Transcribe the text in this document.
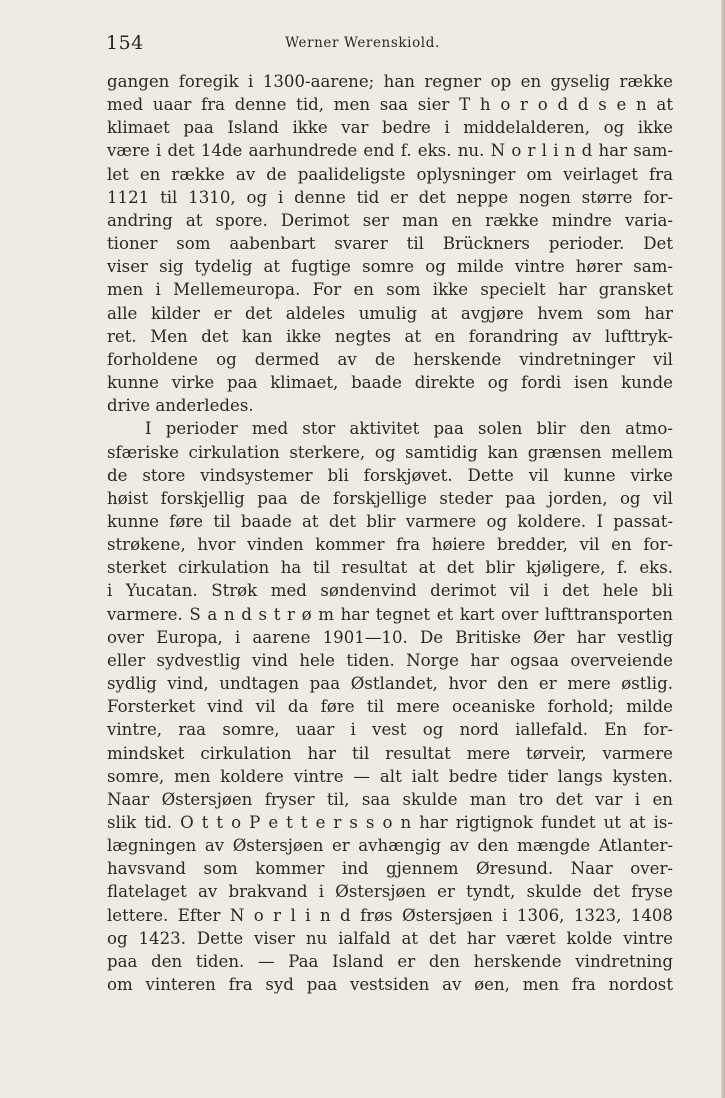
154	Werner Werenskiold.
gangen foregik i 1300-aarene; han regner op en gyselig række
med uaar fra denne tid, men saa sier T h o r o d d s e n at
klimaet paa Island ikke var bedre i middelalderen, og ikke
være i det 14de aarhundrede end f. eks. nu. N o r l i n d har sam-
let en række av de paalideligste oplysninger om veirlaget fra
1121 til 1310, og i denne tid er det neppe nogen større for-
andring at spore. Derimot ser man en række mindre varia-
tioner som aabenbart svarer til Brückners perioder. Det
viser sig tydelig at fugtige somre og milde vintre hører sam-
men i Mellemeuropa. For en som ikke specielt har gransket
alle kilder er det aldeles umulig at avgjøre hvem som har
ret. Men det kan ikke negtes at en forandring av lufttryk-
forholdene og dermed av de herskende vindretninger vil
kunne virke paa klimaet, baade direkte og fordi isen kunde
drive anderledes.
I perioder med stor aktivitet paa solen blir den atmo-
sfæriske cirkulation sterkere, og samtidig kan grænsen mellem
de store vindsystemer bli forskjøvet. Dette vil kunne virke
høist forskjellig paa de forskjellige steder paa jorden, og vil
kunne føre til baade at det blir varmere og koldere. I passat-
strøkene, hvor vinden kommer fra høiere bredder, vil en for-
sterket cirkulation ha til resultat at det blir kjøligere, f. eks.
i Yucatan. Strøk med søndenvind derimot vil i det hele bli
varmere. S a n d s t r ø m har tegnet et kart over lufttransporten
over Europa, i aarene 1901—10. De Britiske Øer har vestlig
eller sydvestlig vind hele tiden. Norge har ogsaa overveiende
sydlig vind, undtagen paa Østlandet, hvor den er mere østlig.
Forsterket vind vil da føre til mere oceaniske forhold; milde
vintre, raa somre, uaar i vest og nord iallefald. En for-
mindsket cirkulation har til resultat mere tørveir, varmere
somre, men koldere vintre — alt ialt bedre tider langs kysten.
Naar Østersjøen fryser til, saa skulde man tro det var i en
slik tid. O t t o P e t t e r s s o n har rigtignok fundet ut at is-
lægningen av Østersjøen er avhængig av den mængde Atlanter-
havsvand som kommer ind gjennem Øresund. Naar over-
flatelaget av brakvand i Østersjøen er tyndt, skulde det fryse
lettere. Efter N o r l i n d frøs Østersjøen i 1306, 1323, 1408
og 1423. Dette viser nu ialfald at det har været kolde vintre
paa den tiden. — Paa Island er den herskende vindretning
om vinteren fra syd paa vestsiden av øen, men fra nordost
